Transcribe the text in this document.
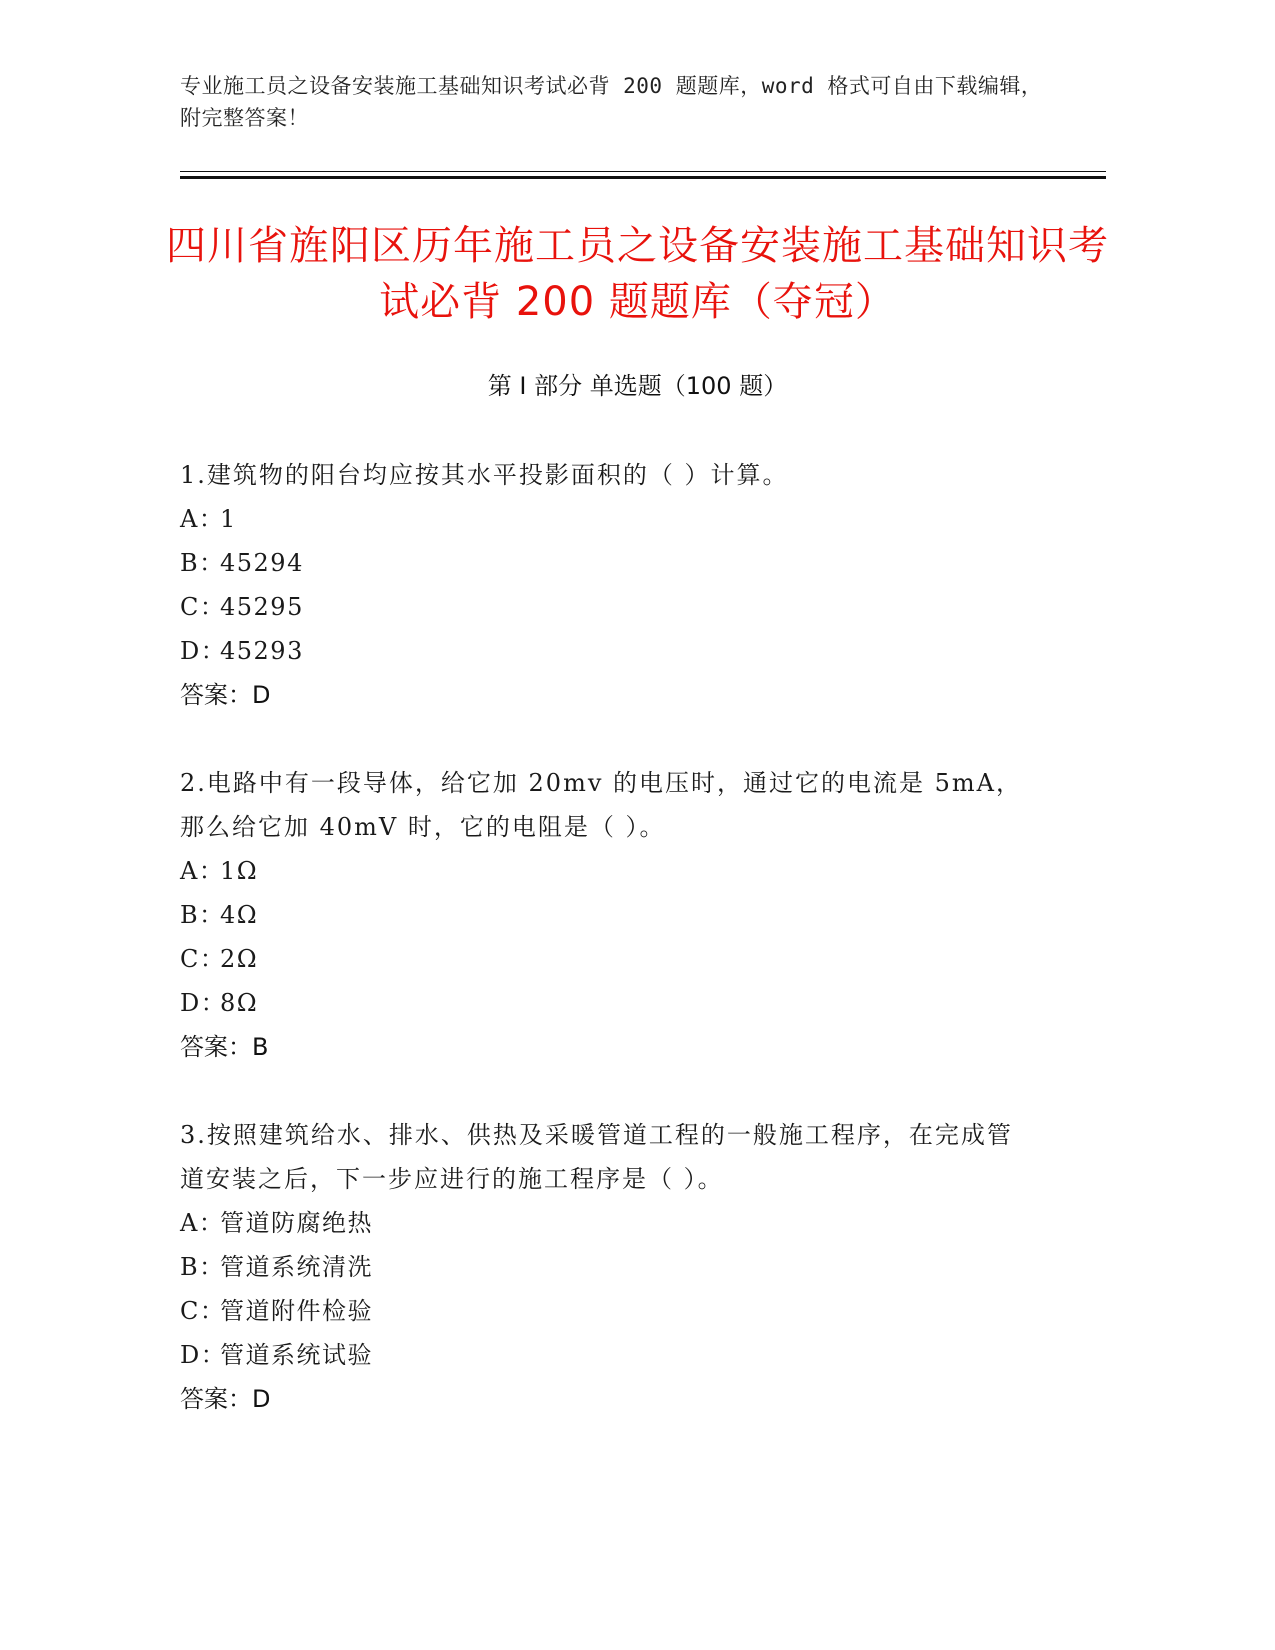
专业施工员之设备安装施工基础知识考试必背 200 题题库，word 格式可自由下载编辑，附完整答案！
四川省旌阳区历年施工员之设备安装施工基础知识考试必背 200 题题库（夺冠）
第 I 部分 单选题（100 题）

1.建筑物的阳台均应按其水平投影面积的（ ）计算。

A：1

B：45294

C：45295

D：45293

答案：D

2.电路中有一段导体，给它加 20mv 的电压时，通过它的电流是 5mA，那么给它加 40mV 时，它的电阻是（ ）。

A：1Ω

B：4Ω

C：2Ω

D：8Ω

答案：B

3.按照建筑给水、排水、供热及采暖管道工程的一般施工程序，在完成管道安装之后，下一步应进行的施工程序是（ ）。

A：管道防腐绝热

B：管道系统清洗

C：管道附件检验

D：管道系统试验

答案：D
